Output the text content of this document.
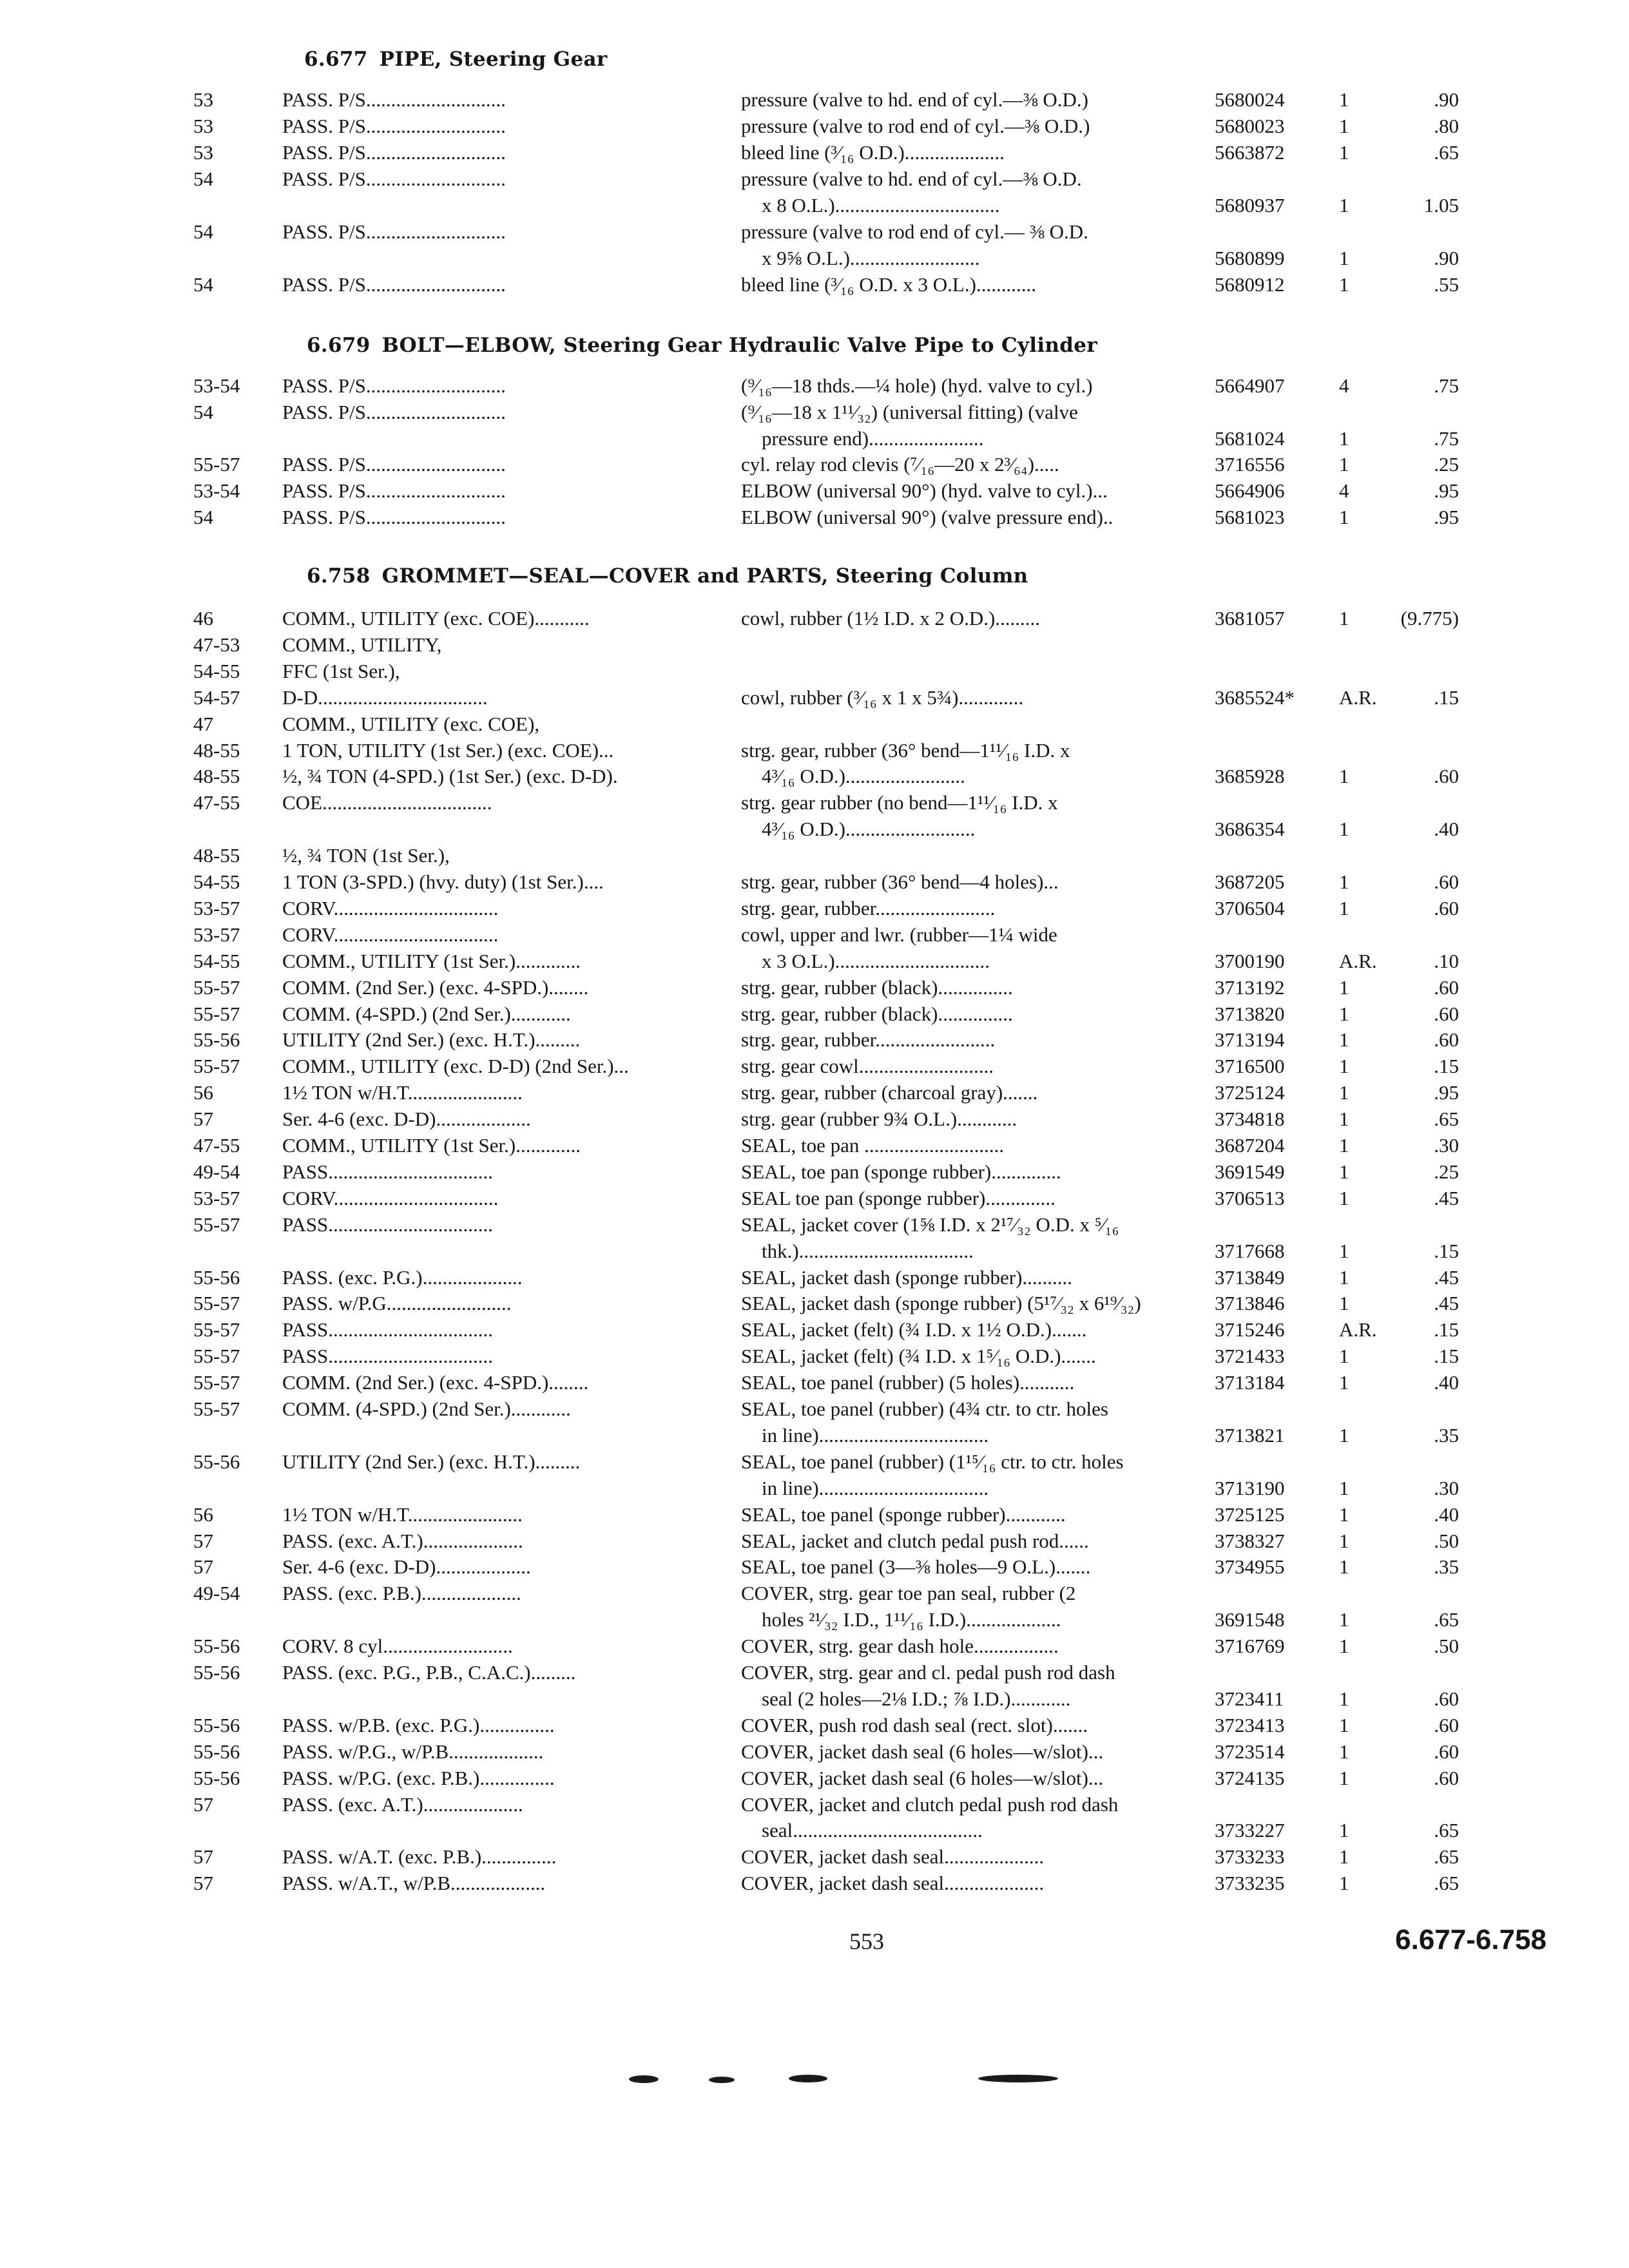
6.677 PIPE, Steering Gear
53	PASS. P/S............................	pressure (valve to hd. end of cyl.—⅜ O.D.)	5680024	1	.90
53	PASS. P/S............................	pressure (valve to rod end of cyl.—⅜ O.D.)	5680023	1	.80
53	PASS. P/S............................	bleed line (³⁄₁₆ O.D.)....................	5663872	1	.65
54	PASS. P/S............................	pressure (valve to hd. end of cyl.—⅜ O.D.
x 8 O.L.).................................	5680937	1	1.05
54	PASS. P/S............................	pressure (valve to rod end of cyl.— ⅜ O.D.
x 9⅝ O.L.)..........................	5680899	1	.90
54	PASS. P/S............................	bleed line (³⁄₁₆ O.D. x 3 O.L.)............	5680912	1	.55
6.679 BOLT—ELBOW, Steering Gear Hydraulic Valve Pipe to Cylinder
53-54 PASS. P/S............................	(⁹⁄₁₆—18 thds.—¼ hole) (hyd. valve to cyl.)	5664907	4	.75
54	PASS. P/S............................	(⁹⁄₁₆—18 x 1¹¹⁄₃₂) (universal fitting) (valve
pressure end).......................	5681024	1	.75
55-57 PASS. P/S............................	cyl. relay rod clevis (⁷⁄₁₆—20 x 2³⁄₆₄).....	3716556	1	.25
53-54 PASS. P/S............................	ELBOW (universal 90°) (hyd. valve to cyl.)...	5664906	4	.95
54	PASS. P/S............................	ELBOW (universal 90°) (valve pressure end)..	5681023	1	.95
6.758 GROMMET—SEAL—COVER and PARTS, Steering Column
46	COMM., UTILITY (exc. COE)...........	cowl, rubber (1½ I.D. x 2 O.D.).........	3681057	1	(9.775)
47-53 COMM., UTILITY,
54-55 FFC (1st Ser.),
54-57 D-D..................................	cowl, rubber (³⁄₁₆ x 1 x 5¾).............	3685524* A.R.	.15
47	COMM., UTILITY (exc. COE),
48-55 1 TON, UTILITY (1st Ser.) (exc. COE)...	strg. gear, rubber (36° bend—1¹¹⁄₁₆ I.D. x
48-55 ½, ¾ TON (4-SPD.) (1st Ser.) (exc. D-D).	4³⁄₁₆ O.D.)........................	3685928	1	.60
47-55 COE..................................	strg. gear rubber (no bend—1¹¹⁄₁₆ I.D. x
4³⁄₁₆ O.D.)..........................	3686354	1	.40
48-55 ½, ¾ TON (1st Ser.),
54-55 1 TON (3-SPD.) (hvy. duty) (1st Ser.)....	strg. gear, rubber (36° bend—4 holes)...	3687205	1	.60
53-57 CORV.................................	strg. gear, rubber........................	3706504	1	.60
53-57 CORV.................................	cowl, upper and lwr. (rubber—1¼ wide
54-55 COMM., UTILITY (1st Ser.).............	x 3 O.L.)...............................	3700190	A.R.	.10
55-57 COMM. (2nd Ser.) (exc. 4-SPD.)........	strg. gear, rubber (black)...............	3713192	1	.60
55-57 COMM. (4-SPD.) (2nd Ser.)............	strg. gear, rubber (black)...............	3713820	1	.60
55-56 UTILITY (2nd Ser.) (exc. H.T.).........	strg. gear, rubber........................	3713194	1	.60
55-57 COMM., UTILITY (exc. D-D) (2nd Ser.)...	strg. gear cowl...........................	3716500	1	.15
56	1½ TON w/H.T.......................	strg. gear, rubber (charcoal gray).......	3725124	1	.95
57	Ser. 4-6 (exc. D-D)...................	strg. gear (rubber 9¾ O.L.)............	3734818	1	.65
47-55 COMM., UTILITY (1st Ser.).............	SEAL, toe pan ............................	3687204	1	.30
49-54 PASS.................................	SEAL, toe pan (sponge rubber)..............	3691549	1	.25
53-57 CORV.................................	SEAL toe pan (sponge rubber)..............	3706513	1	.45
55-57 PASS.................................	SEAL, jacket cover (1⅝ I.D. x 2¹⁷⁄₃₂ O.D. x ⁵⁄₁₆
thk.)...................................	3717668	1	.15
55-56 PASS. (exc. P.G.)....................	SEAL, jacket dash (sponge rubber)..........	3713849	1	.45
55-57 PASS. w/P.G.........................	SEAL, jacket dash (sponge rubber) (5¹⁷⁄₃₂ x 6¹⁹⁄₃₂)	3713846	1	.45
55-57 PASS.................................	SEAL, jacket (felt) (¾ I.D. x 1½ O.D.).......	3715246	A.R.	.15
55-57 PASS.................................	SEAL, jacket (felt) (¾ I.D. x 1⁵⁄₁₆ O.D.).......	3721433	1	.15
55-57 COMM. (2nd Ser.) (exc. 4-SPD.)........	SEAL, toe panel (rubber) (5 holes)...........	3713184	1	.40
55-57 COMM. (4-SPD.) (2nd Ser.)............	SEAL, toe panel (rubber) (4¾ ctr. to ctr. holes
in line)..................................	3713821	1	.35
55-56 UTILITY (2nd Ser.) (exc. H.T.).........	SEAL, toe panel (rubber) (1¹⁵⁄₁₆ ctr. to ctr. holes
in line)..................................	3713190	1	.30
56	1½ TON w/H.T.......................	SEAL, toe panel (sponge rubber)............	3725125	1	.40
57	PASS. (exc. A.T.)....................	SEAL, jacket and clutch pedal push rod......	3738327	1	.50
57	Ser. 4-6 (exc. D-D)...................	SEAL, toe panel (3—⅜ holes—9 O.L.).......	3734955	1	.35
49-54 PASS. (exc. P.B.)....................	COVER, strg. gear toe pan seal, rubber (2
holes ²¹⁄₃₂ I.D., 1¹¹⁄₁₆ I.D.)...................	3691548	1	.65
55-56 CORV. 8 cyl..........................	COVER, strg. gear dash hole.................	3716769	1	.50
55-56 PASS. (exc. P.G., P.B., C.A.C.).........	COVER, strg. gear and cl. pedal push rod dash
seal (2 holes—2⅛ I.D.; ⅞ I.D.)............	3723411	1	.60
55-56 PASS. w/P.B. (exc. P.G.)...............	COVER, push rod dash seal (rect. slot).......	3723413	1	.60
55-56 PASS. w/P.G., w/P.B...................	COVER, jacket dash seal (6 holes—w/slot)...	3723514	1	.60
55-56 PASS. w/P.G. (exc. P.B.)...............	COVER, jacket dash seal (6 holes—w/slot)...	3724135	1	.60
57	PASS. (exc. A.T.)....................	COVER, jacket and clutch pedal push rod dash
seal......................................	3733227	1	.65
57	PASS. w/A.T. (exc. P.B.)...............	COVER, jacket dash seal....................	3733233	1	.65
57	PASS. w/A.T., w/P.B...................	COVER, jacket dash seal....................	3733235	1	.65
553	6.677-6.758
